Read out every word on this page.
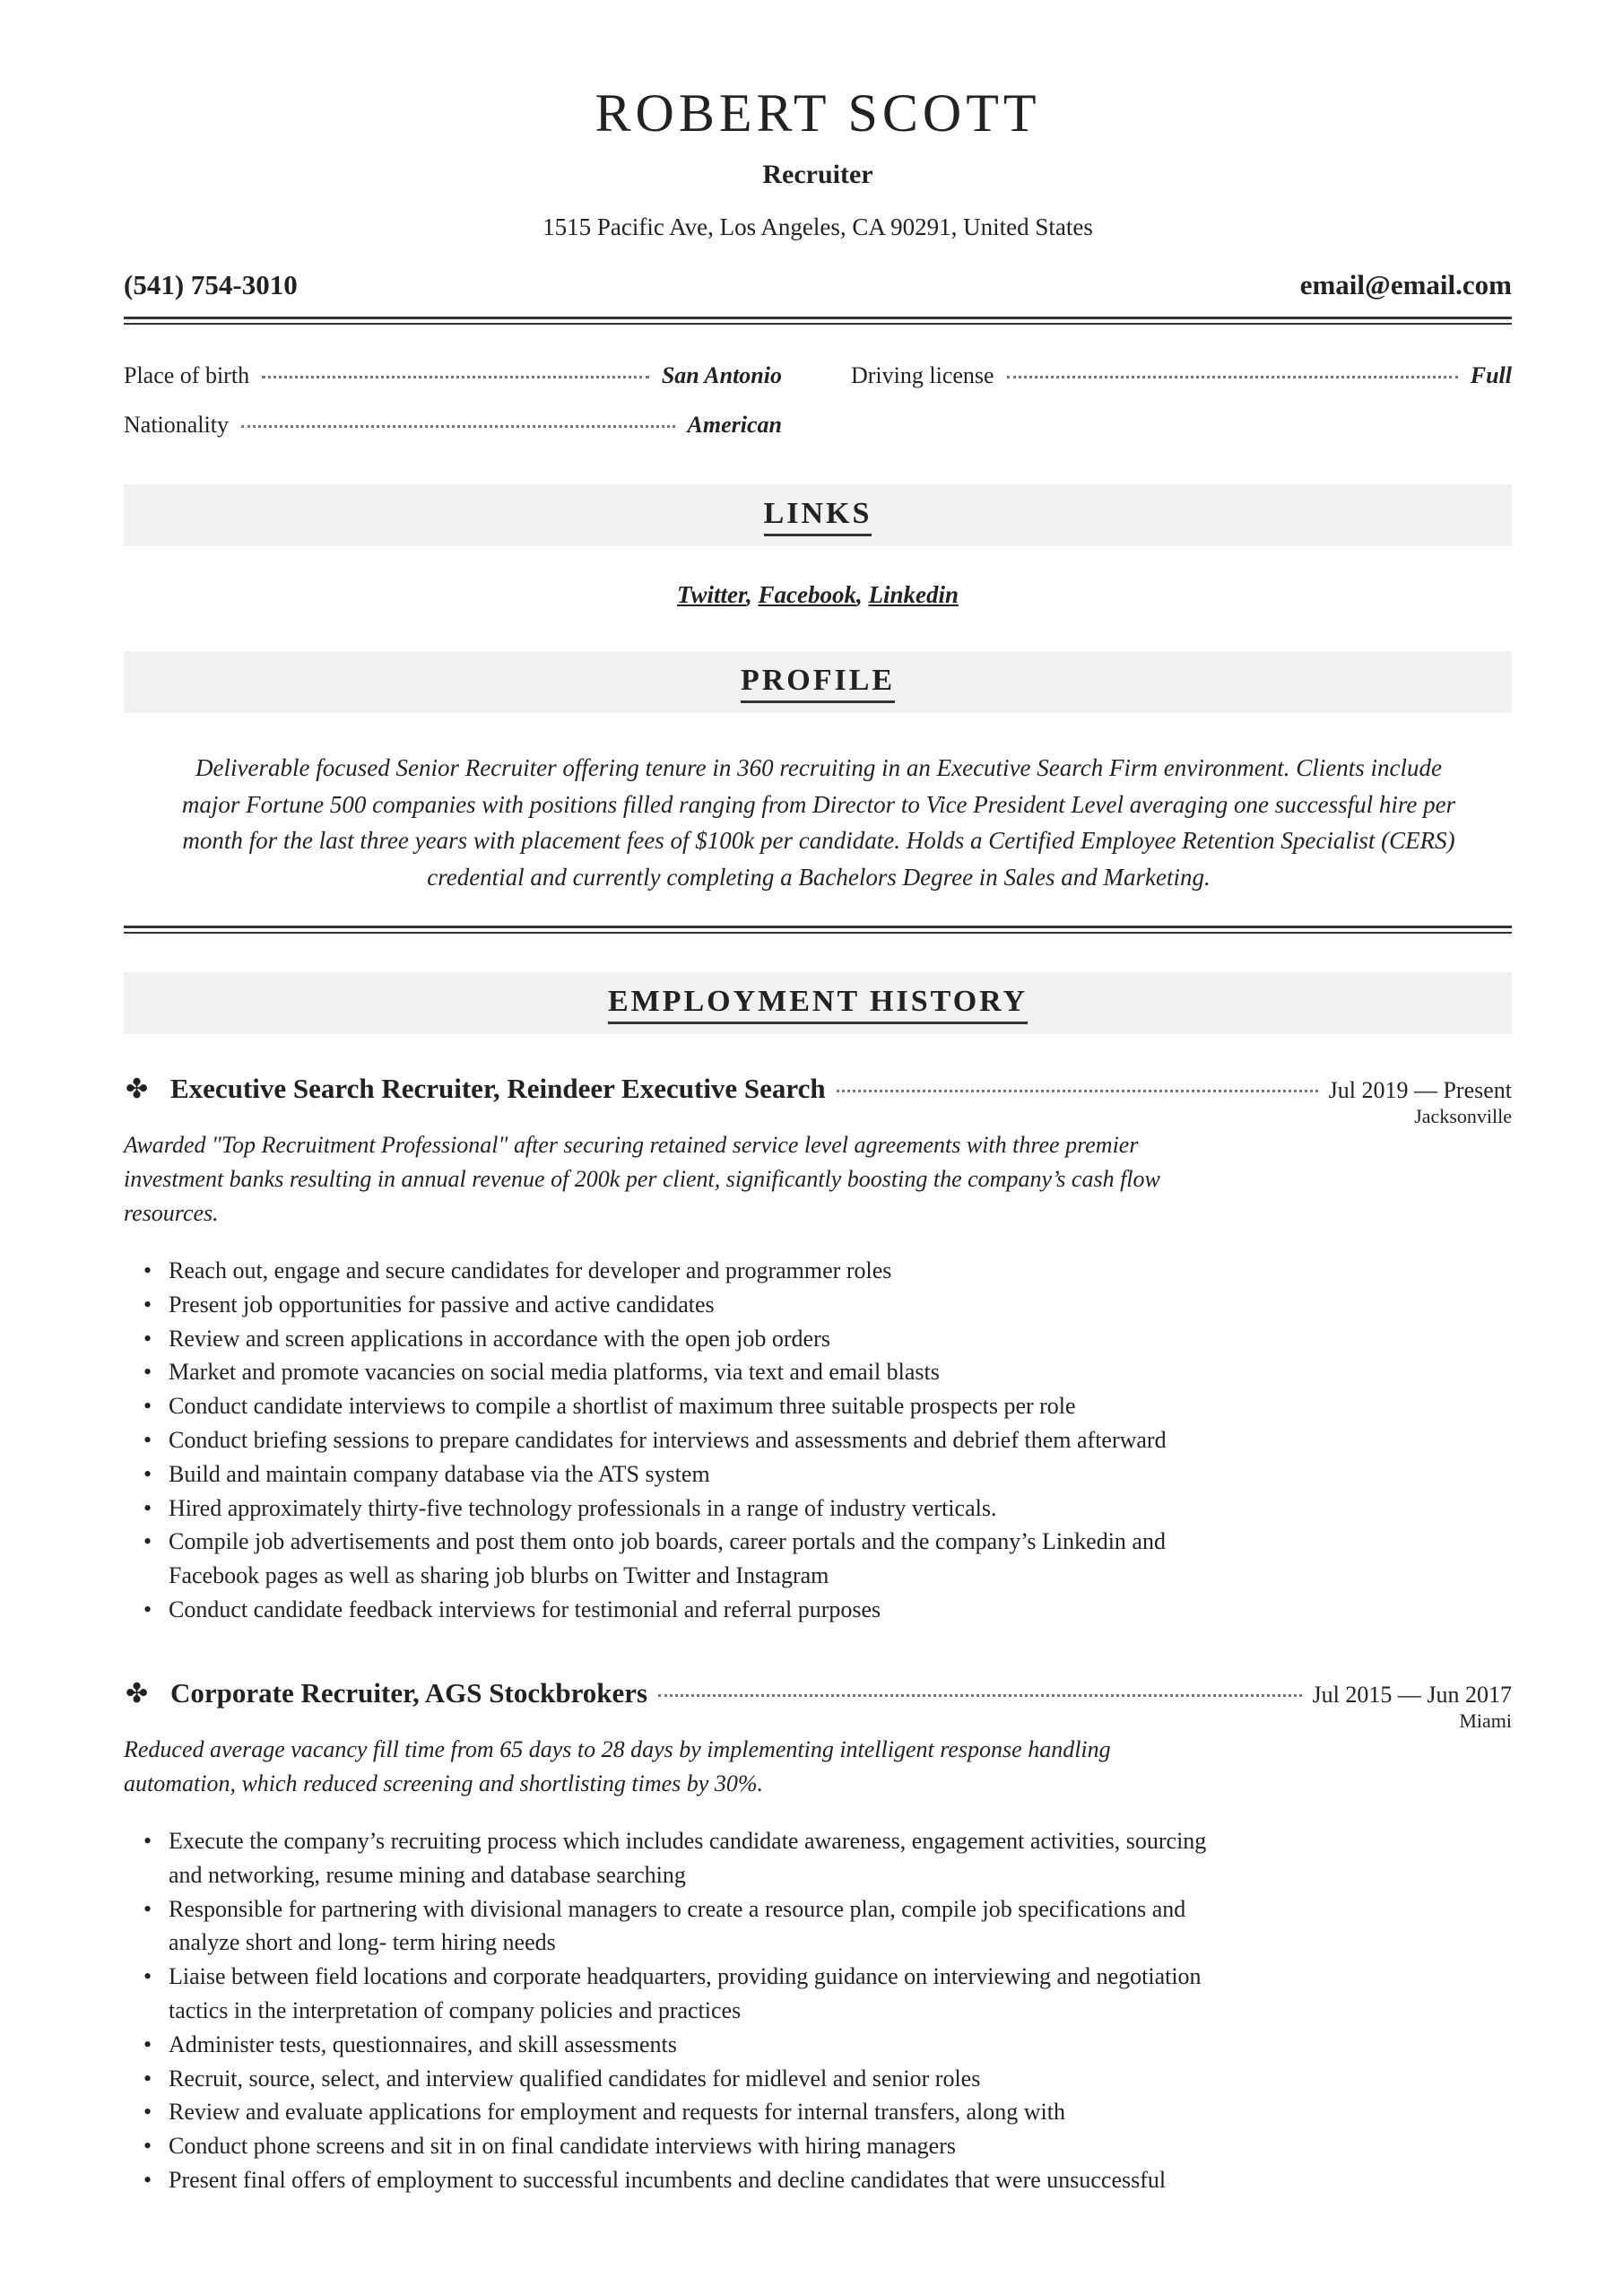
ROBERT SCOTT
Recruiter
1515 Pacific Ave, Los Angeles, CA 90291, United States
(541) 754-3010	email@email.com
Place of birth	San Antonio	Driving license	Full
Nationality	American
LINKS
Twitter, Facebook, Linkedin
PROFILE
Deliverable focused Senior Recruiter offering tenure in 360 recruiting in an Executive Search Firm environment. Clients include major Fortune 500 companies with positions filled ranging from Director to Vice President Level averaging one successful hire per month for the last three years with placement fees of $100k per candidate. Holds a Certified Employee Retention Specialist (CERS) credential and currently completing a Bachelors Degree in Sales and Marketing.
EMPLOYMENT HISTORY
✤ Executive Search Recruiter, Reindeer Executive Search	Jul 2019 — Present
Jacksonville
Awarded "Top Recruitment Professional" after securing retained service level agreements with three premier investment banks resulting in annual revenue of 200k per client, significantly boosting the company’s cash flow resources.
• Reach out, engage and secure candidates for developer and programmer roles
• Present job opportunities for passive and active candidates
• Review and screen applications in accordance with the open job orders
• Market and promote vacancies on social media platforms, via text and email blasts
• Conduct candidate interviews to compile a shortlist of maximum three suitable prospects per role
• Conduct briefing sessions to prepare candidates for interviews and assessments and debrief them afterward
• Build and maintain company database via the ATS system
• Hired approximately thirty-five technology professionals in a range of industry verticals.
• Compile job advertisements and post them onto job boards, career portals and the company’s Linkedin and Facebook pages as well as sharing job blurbs on Twitter and Instagram
• Conduct candidate feedback interviews for testimonial and referral purposes
✤ Corporate Recruiter, AGS Stockbrokers	Jul 2015 — Jun 2017
Miami
Reduced average vacancy fill time from 65 days to 28 days by implementing intelligent response handling automation, which reduced screening and shortlisting times by 30%.
• Execute the company’s recruiting process which includes candidate awareness, engagement activities, sourcing and networking, resume mining and database searching
• Responsible for partnering with divisional managers to create a resource plan, compile job specifications and analyze short and long- term hiring needs
• Liaise between field locations and corporate headquarters, providing guidance on interviewing and negotiation tactics in the interpretation of company policies and practices
• Administer tests, questionnaires, and skill assessments
• Recruit, source, select, and interview qualified candidates for midlevel and senior roles
• Review and evaluate applications for employment and requests for internal transfers, along with
• Conduct phone screens and sit in on final candidate interviews with hiring managers
• Present final offers of employment to successful incumbents and decline candidates that were unsuccessful
